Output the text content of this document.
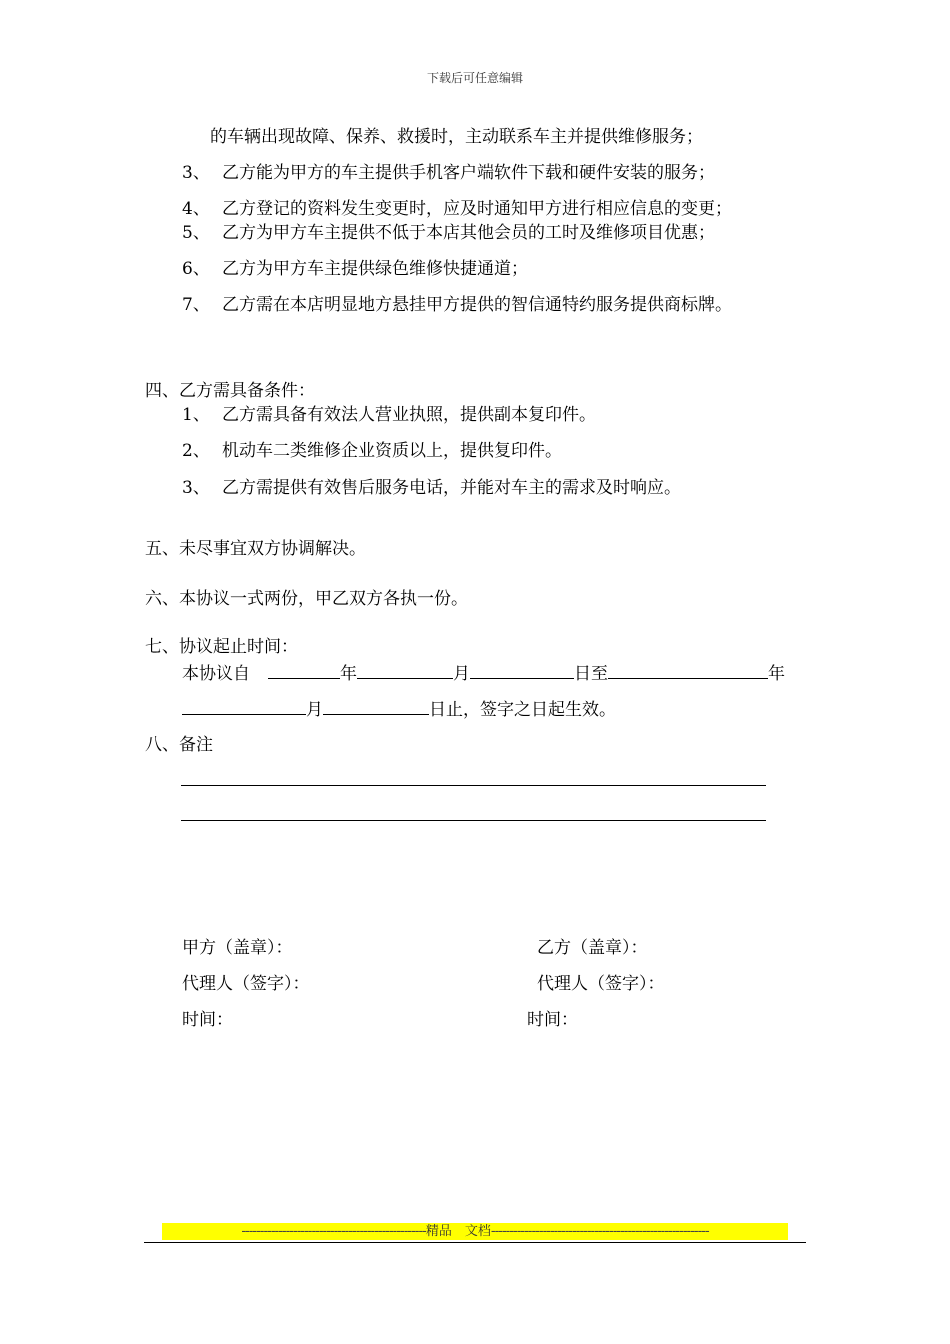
下载后可任意编辑
的车辆出现故障、保养、救援时，主动联系车主并提供维修服务；
3、 乙方能为甲方的车主提供手机客户端软件下载和硬件安装的服务；
4、 乙方登记的资料发生变更时，应及时通知甲方进行相应信息的变更；
5、 乙方为甲方车主提供不低于本店其他会员的工时及维修项目优惠；
6、 乙方为甲方车主提供绿色维修快捷通道；
7、 乙方需在本店明显地方悬挂甲方提供的智信通特约服务提供商标牌。
四、乙方需具备条件：
1、 乙方需具备有效法人营业执照，提供副本复印件。
2、 机动车二类维修企业资质以上，提供复印件。
3、 乙方需提供有效售后服务电话，并能对车主的需求及时响应。
五、未尽事宜双方协调解决。
六、本协议一式两份，甲乙双方各执一份。
七、协议起止时间：
本协议自	年	月	日至	年
月	日止，签字之日起生效。
八、备注
甲方（盖章）：	乙方（盖章）：
代理人（签字）：	代理人（签字）：
时间：	时间：
--------------------------------------------------精品　文档-----------------------------------------------------------
